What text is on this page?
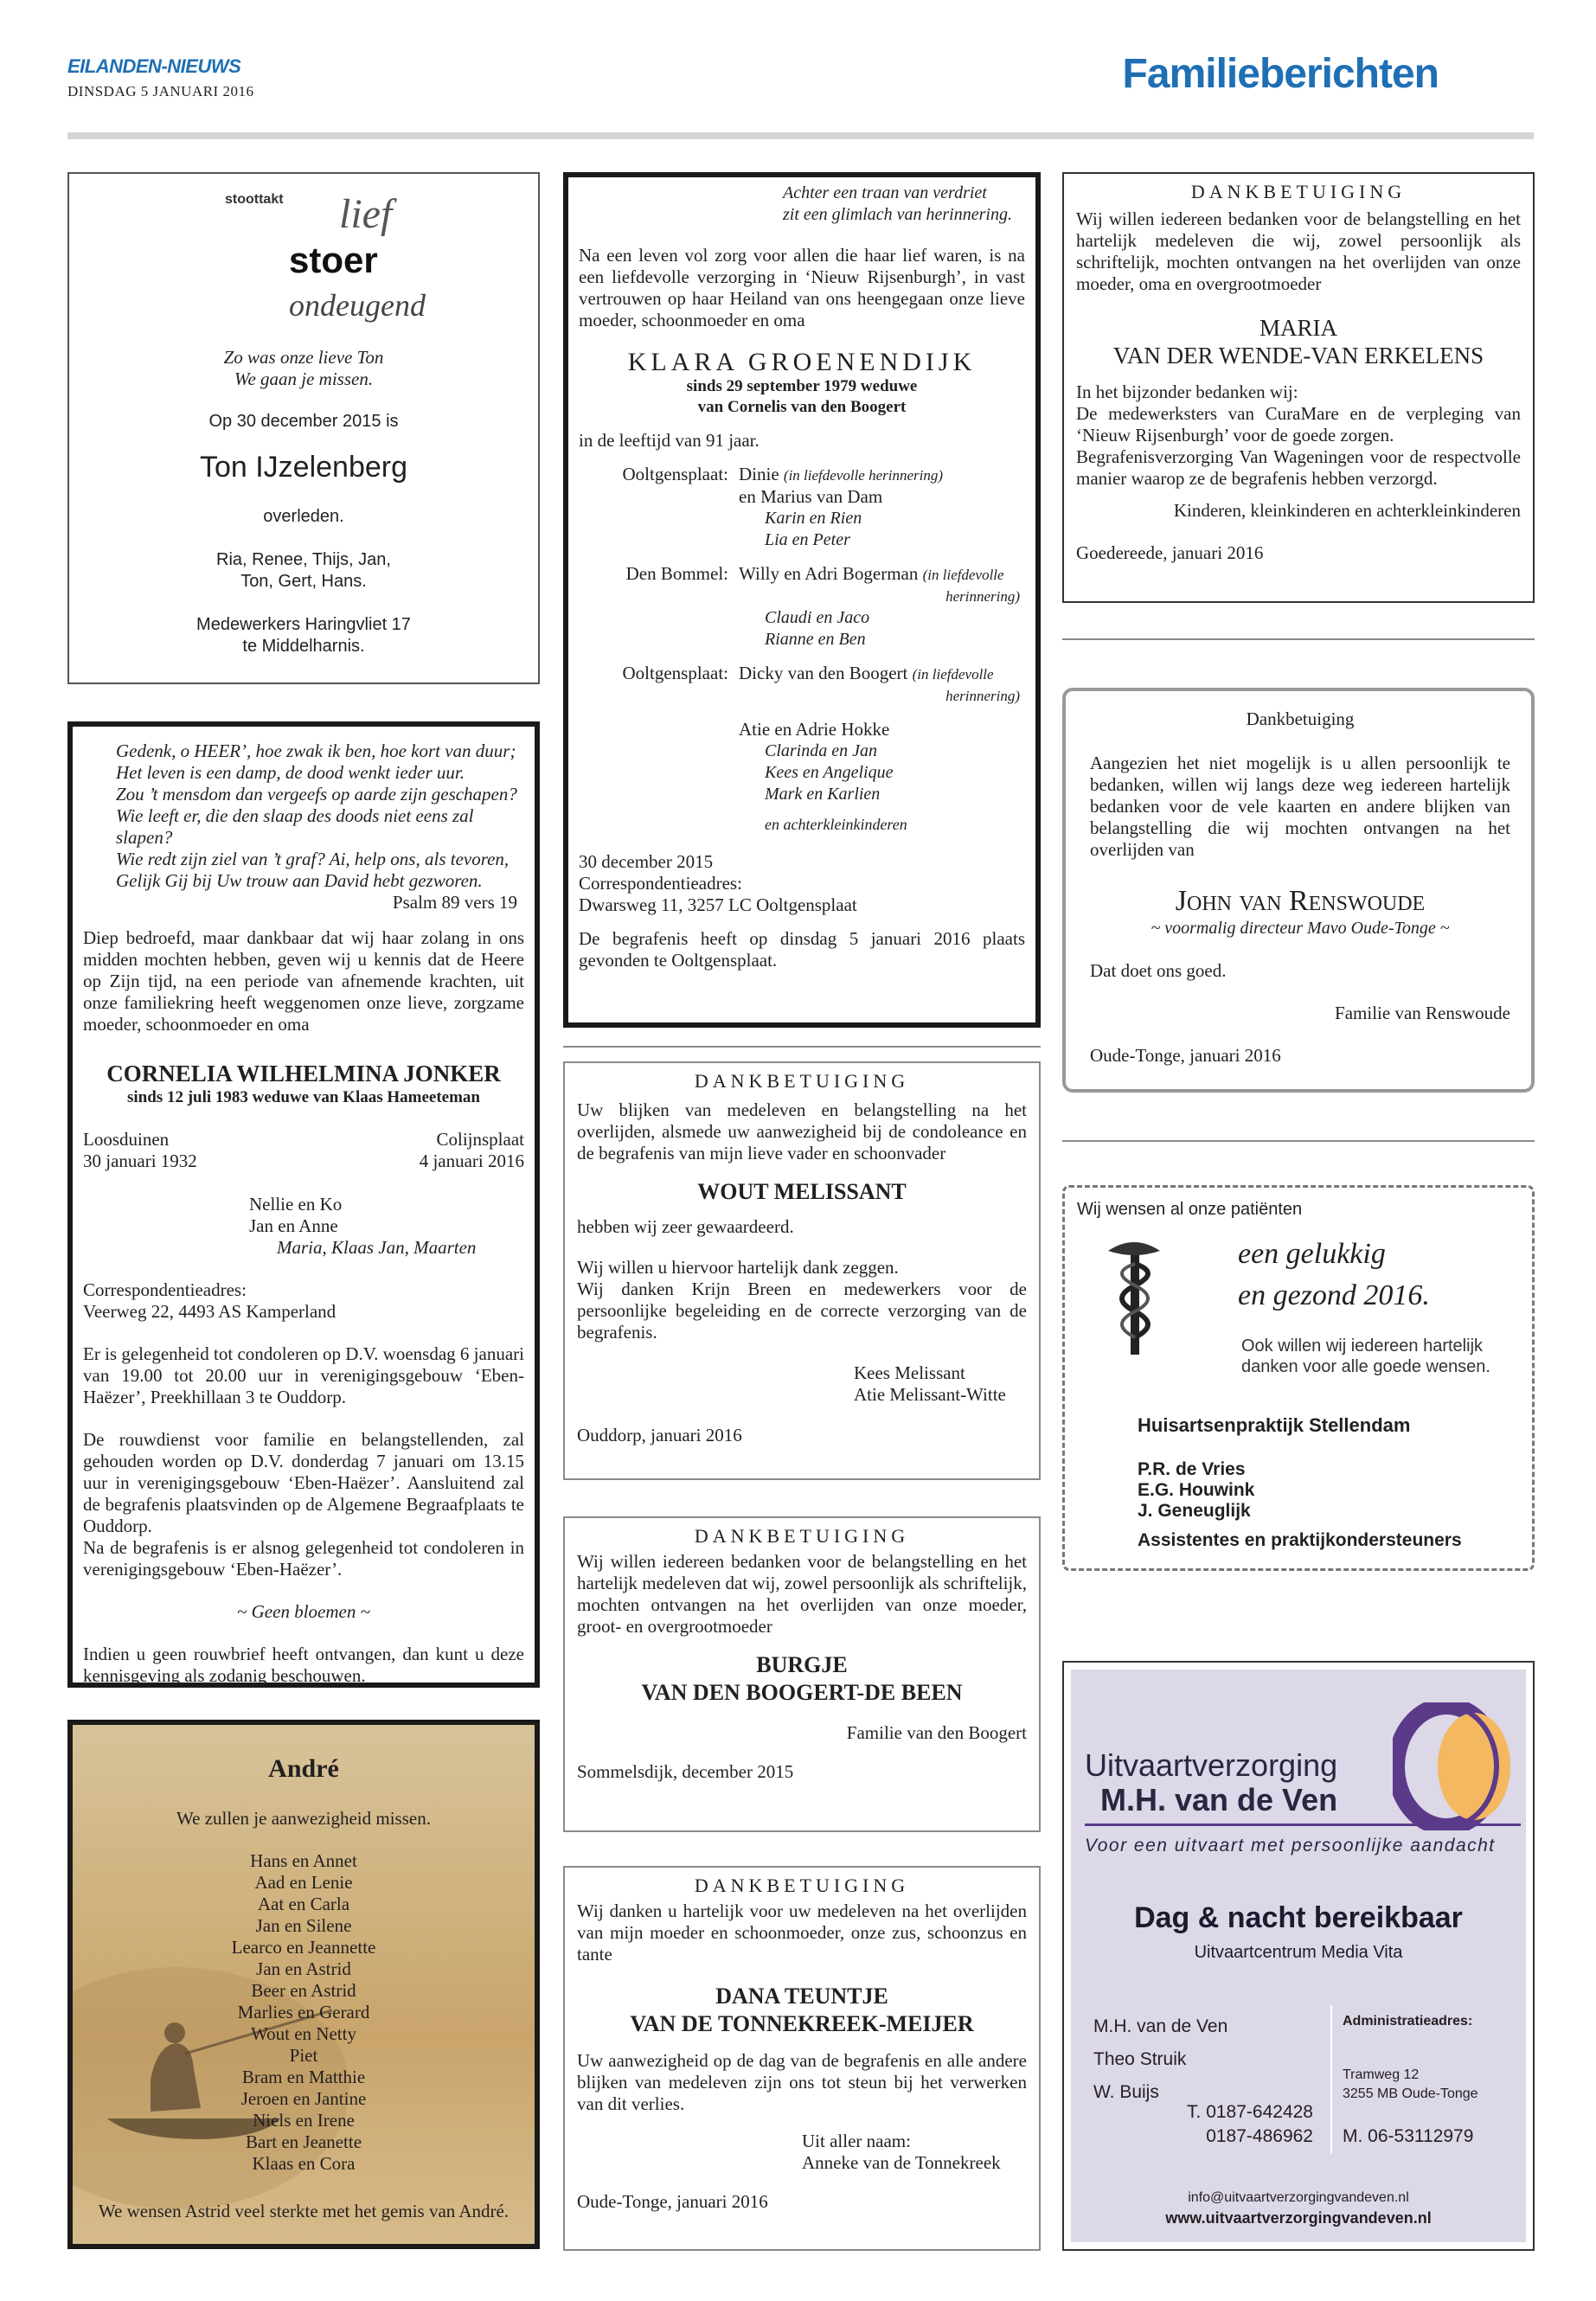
EILANDEN-NIEUWS
DINSDAG 5 JANUARI 2016	Familieberichten
stoottakt lief
stoer
ondeugend
Zo was onze lieve Ton
We gaan je missen.
Op 30 december 2015 is
Ton IJzelenberg
overleden.
Ria, Renee, Thijs, Jan,
Ton, Gert, Hans.
Medewerkers Haringvliet 17
te Middelharnis.
Gedenk, o HEER’, hoe zwak ik ben, hoe kort van duur;
Het leven is een damp, de dood wenkt ieder uur.
Zou ’t mensdom dan vergeefs op aarde zijn geschapen?
Wie leeft er, die den slaap des doods niet eens zal slapen?
Wie redt zijn ziel van ’t graf? Ai, help ons, als tevoren,
Gelijk Gij bij Uw trouw aan David hebt gezworen.
Psalm 89 vers 19
Diep bedroefd, maar dankbaar dat wij haar zolang in ons midden mochten hebben, geven wij u kennis dat de Heere op Zijn tijd, na een periode van afnemende krachten, uit onze familiekring heeft weggenomen onze lieve, zorgzame moeder, schoonmoeder en oma
CORNELIA WILHELMINA JONKER
sinds 12 juli 1983 weduwe van Klaas Hameeteman
Loosduinen
30 januari 1932
Colijnsplaat
4 januari 2016
Nellie en Ko
Jan en Anne
Maria, Klaas Jan, Maarten
Correspondentieadres:
Veerweg 22, 4493 AS Kamperland
Er is gelegenheid tot condoleren op D.V. woensdag 6 januari van 19.00 tot 20.00 uur in verenigingsgebouw ‘Eben-Haëzer’, Preekhillaan 3 te Ouddorp.
De rouwdienst voor familie en belangstellenden, zal gehouden worden op D.V. donderdag 7 januari om 13.15 uur in verenigingsgebouw ‘Eben-Haëzer’. Aansluitend zal de begrafenis plaatsvinden op de Algemene Begraafplaats te Ouddorp.
Na de begrafenis is er alsnog gelegenheid tot condoleren in verenigingsgebouw ‘Eben-Haëzer’.
~ Geen bloemen ~
Indien u geen rouwbrief heeft ontvangen, dan kunt u deze kennisgeving als zodanig beschouwen.
André
We zullen je aanwezigheid missen.
Hans en Annet
Aad en Lenie
Aat en Carla
Jan en Silene
Learco en Jeannette
Jan en Astrid
Beer en Astrid
Marlies en Gerard
Wout en Netty
Piet
Bram en Matthie
Jeroen en Jantine
Niels en Irene
Bart en Jeanette
Klaas en Cora
We wensen Astrid veel sterkte met het gemis van André.
Achter een traan van verdriet
zit een glimlach van herinnering.
Na een leven vol zorg voor allen die haar lief waren, is na een liefdevolle verzorging in ‘Nieuw Rijsenburgh’, in vast vertrouwen op haar Heiland van ons heengegaan onze lieve moeder, schoonmoeder en oma
KLARA GROENENDIJK
sinds 29 september 1979 weduwe
van Cornelis van den Boogert
in de leeftijd van 91 jaar.
Ooltgensplaat: Dinie (in liefdevolle herinnering)
en Marius van Dam
Karin en Rien
Lia en Peter
Den Bommel: Willy en Adri Bogerman (in liefdevolle
herinnering)
Claudi en Jaco
Rianne en Ben
Ooltgensplaat: Dicky van den Boogert (in liefdevolle
herinnering)
Atie en Adrie Hokke
Clarinda en Jan
Kees en Angelique
Mark en Karlien
en achterkleinkinderen
30 december 2015
Correspondentieadres:
Dwarsweg 11, 3257 LC Ooltgensplaat
De begrafenis heeft op dinsdag 5 januari 2016 plaats gevonden te Ooltgensplaat.
DANKBETUIGING
Uw blijken van medeleven en belangstelling na het overlijden, alsmede uw aanwezigheid bij de condoleance en de begrafenis van mijn lieve vader en schoonvader
WOUT MELISSANT
hebben wij zeer gewaardeerd.
Wij willen u hiervoor hartelijk dank zeggen.
Wij danken Krijn Breen en medewerkers voor de persoonlijke begeleiding en de correcte verzorging van de begrafenis.
Kees Melissant
Atie Melissant-Witte
Ouddorp, januari 2016
DANKBETUIGING
Wij willen iedereen bedanken voor de belangstelling en het hartelijk medeleven dat wij, zowel persoonlijk als schriftelijk, mochten ontvangen na het overlijden van onze moeder, groot- en overgrootmoeder
BURGJE
VAN DEN BOOGERT-DE BEEN
Familie van den Boogert
Sommelsdijk, december 2015
DANKBETUIGING
Wij danken u hartelijk voor uw medeleven na het overlijden van mijn moeder en schoonmoeder, onze zus, schoonzus en tante
DANA TEUNTJE
VAN DE TONNEKREEK-MEIJER
Uw aanwezigheid op de dag van de begrafenis en alle andere blijken van medeleven zijn ons tot steun bij het verwerken van dit verlies.
Uit aller naam:
Anneke van de Tonnekreek
Oude-Tonge, januari 2016
DANKBETUIGING
Wij willen iedereen bedanken voor de belangstelling en het hartelijk medeleven die wij, zowel persoonlijk als schriftelijk, mochten ontvangen na het overlijden van onze moeder, oma en overgrootmoeder
MARIA
VAN DER WENDE-VAN ERKELENS
In het bijzonder bedanken wij:
De medewerksters van CuraMare en de verpleging van ‘Nieuw Rijsenburgh’ voor de goede zorgen.
Begrafenisverzorging Van Wageningen voor de respectvolle manier waarop ze de begrafenis hebben verzorgd.
Kinderen, kleinkinderen en achterkleinkinderen
Goedereede, januari 2016
Dankbetuiging
Aangezien het niet mogelijk is u allen persoonlijk te bedanken, willen wij langs deze weg iedereen hartelijk bedanken voor de vele kaarten en andere blijken van belangstelling die wij mochten ontvangen na het overlijden van
John van Renswoude
~ voormalig directeur Mavo Oude-Tonge ~
Dat doet ons goed.
Familie van Renswoude
Oude-Tonge, januari 2016
Wij wensen al onze patiënten
een gelukkig
en gezond 2016.
Ook willen wij iedereen hartelijk
danken voor alle goede wensen.
Huisartsenpraktijk Stellendam
P.R. de Vries
E.G. Houwink
J. Geneuglijk
Assistentes en praktijkondersteuners
Uitvaartverzorging
M.H. van de Ven
Voor een uitvaart met persoonlijke aandacht
Dag & nacht bereikbaar
Uitvaartcentrum Media Vita
M.H. van de Ven
Theo Struik
W. Buijs
T. 0187-642428
0187-486962
Administratieadres:
Tramweg 12
3255 MB Oude-Tonge
M. 06-53112979
info@uitvaartverzorgingvandeven.nl
www.uitvaartverzorgingvandeven.nl
